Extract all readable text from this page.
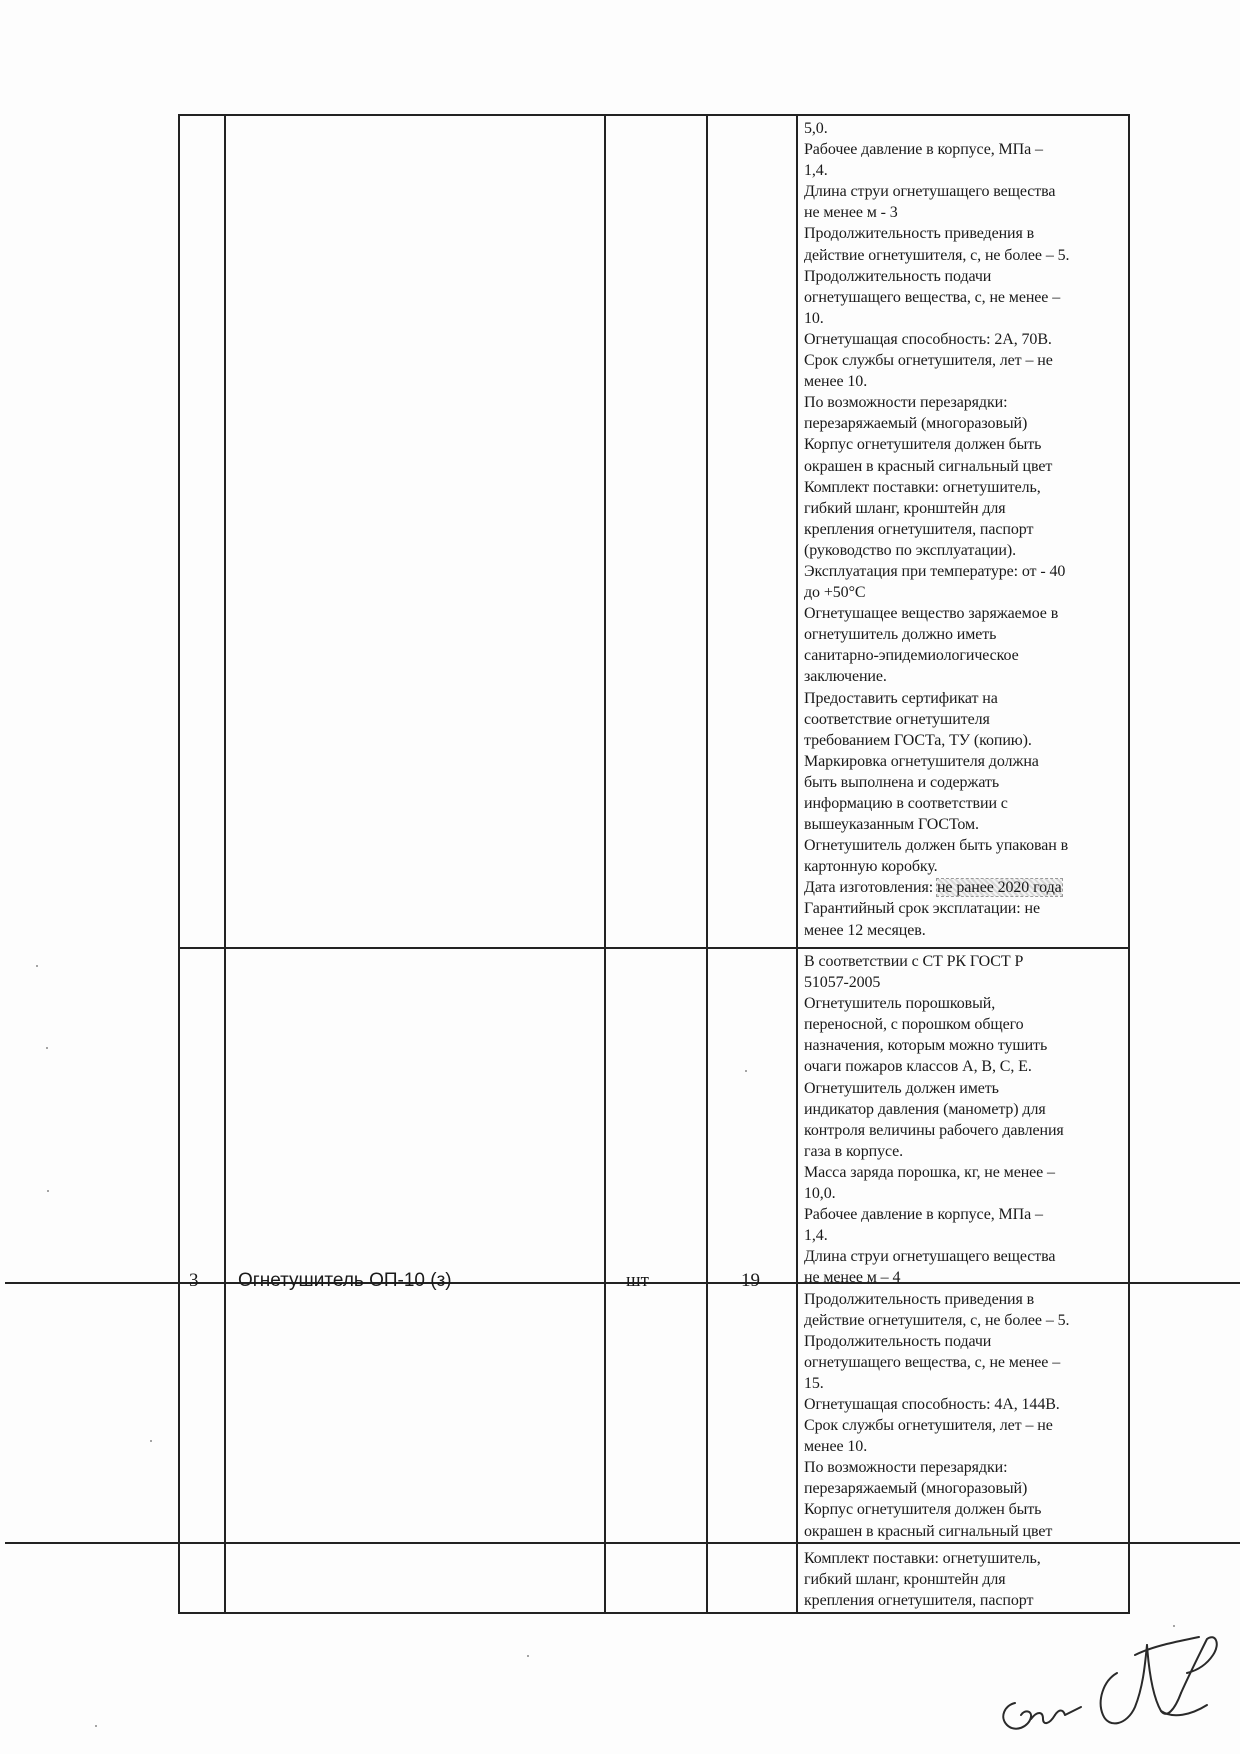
5,0.
Рабочее давление в корпусе, МПа –
1,4.
Длина струи огнетушащего вещества
не менее м - 3
Продолжительность приведения в
действие огнетушителя, с, не более – 5.
Продолжительность подачи
огнетушащего вещества, с, не менее –
10.
Огнетушащая способность: 2А, 70В.
Срок службы огнетушителя, лет – не
менее 10.
По возможности перезарядки:
перезаряжаемый (многоразовый)
Корпус огнетушителя должен быть
окрашен в красный сигнальный цвет
Комплект поставки: огнетушитель,
гибкий шланг, кронштейн для
крепления огнетушителя, паспорт
(руководство по эксплуатации).
Эксплуатация при температуре: от - 40
до +50°С
Огнетушащее вещество заряжаемое в
огнетушитель должно иметь
санитарно-эпидемиологическое
заключение.
Предоставить сертификат на
соответствие огнетушителя
требованием ГОСТа, ТУ (копию).
Маркировка огнетушителя должна
быть выполнена и содержать
информацию в соответствии с
вышеуказанным ГОСТом.
Огнетушитель должен быть упакован в
картонную коробку.
Дата изготовления: не ранее 2020 года
Гарантийный срок эксплатации: не
менее 12 месяцев.
3 Огнетушитель ОП-10 (з)	шт	19
В соответствии с СТ РК ГОСТ Р
51057-2005
Огнетушитель порошковый,
переносной, с порошком общего
назначения, которым можно тушить
очаги пожаров классов А, В, С, Е.
Огнетушитель должен иметь
индикатор давления (манометр) для
контроля величины рабочего давления
газа в корпусе.
Масса заряда порошка, кг, не менее –
10,0.
Рабочее давление в корпусе, МПа –
1,4.
Длина струи огнетушащего вещества
не менее м – 4
Продолжительность приведения в
действие огнетушителя, с, не более – 5.
Продолжительность подачи
огнетушащего вещества, с, не менее –
15.
Огнетушащая способность: 4А, 144В.
Срок службы огнетушителя, лет – не
менее 10.
По возможности перезарядки:
перезаряжаемый (многоразовый)
Корпус огнетушителя должен быть
окрашен в красный сигнальный цвет
Комплект поставки: огнетушитель,
гибкий шланг, кронштейн для
крепления огнетушителя, паспорт
